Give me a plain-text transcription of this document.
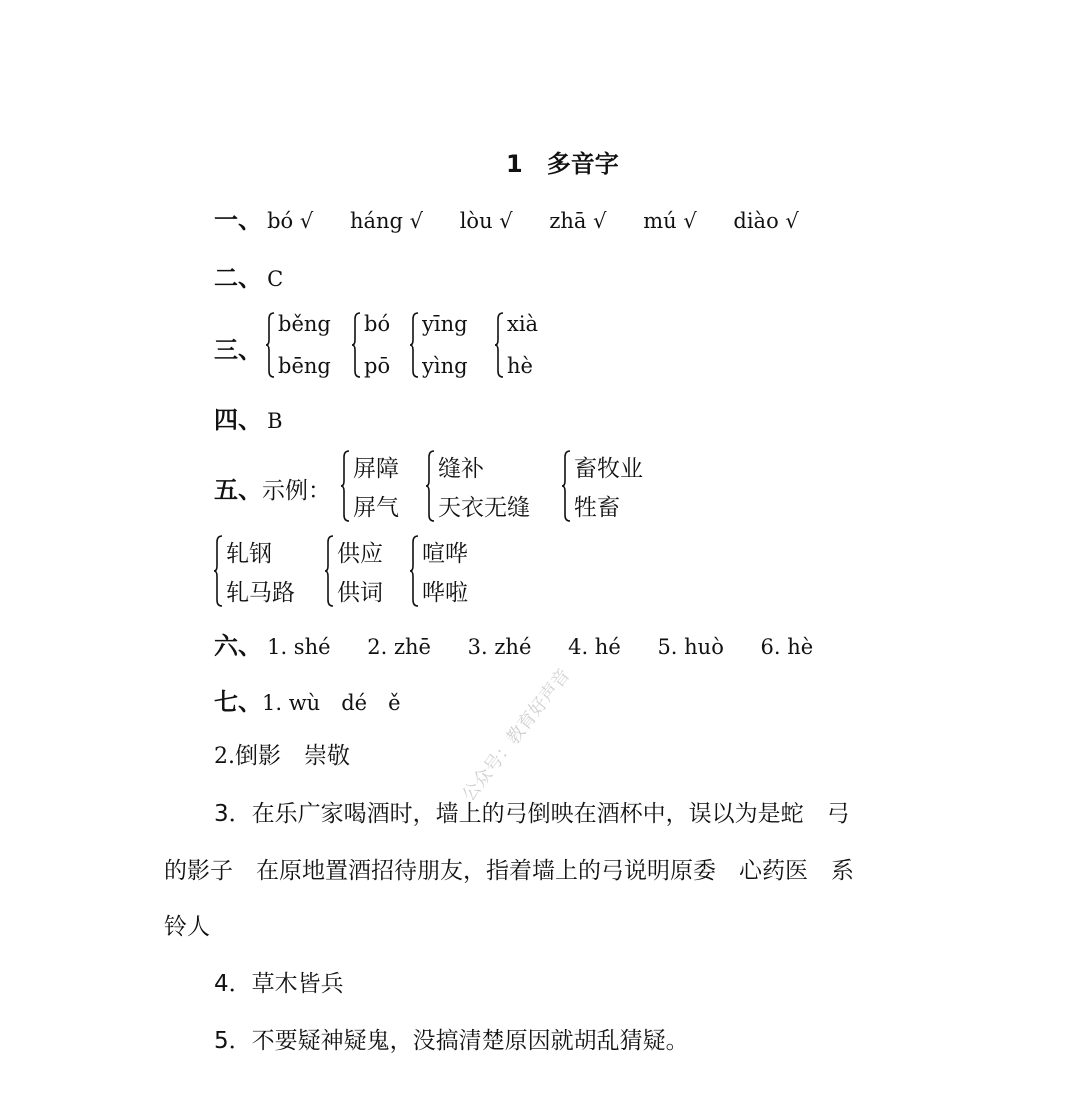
1　多音字
一、 bó √ háng √ lòu √ zhā √ mú √ diào √
二、 C
三、
běng
bēng
bó
pō
yīng
yìng
xià
hè
四、 B
五、示例：
屏障
屏气
缝补
天衣无缝
畜牧业
牲畜
轧钢
轧马路
供应
供词
喧哗
哗啦
六、 1. shé 2. zhē 3. zhé 4. hé 5. huò 6. hè
七、1. wù　dé　ě
2.倒影　崇敬
3．在乐广家喝酒时，墙上的弓倒映在酒杯中，误以为是蛇　弓
的影子　在原地置酒招待朋友，指着墙上的弓说明原委　心药医　系
铃人
4．草木皆兵
5．不要疑神疑鬼，没搞清楚原因就胡乱猜疑。
公众号：教育好声音
